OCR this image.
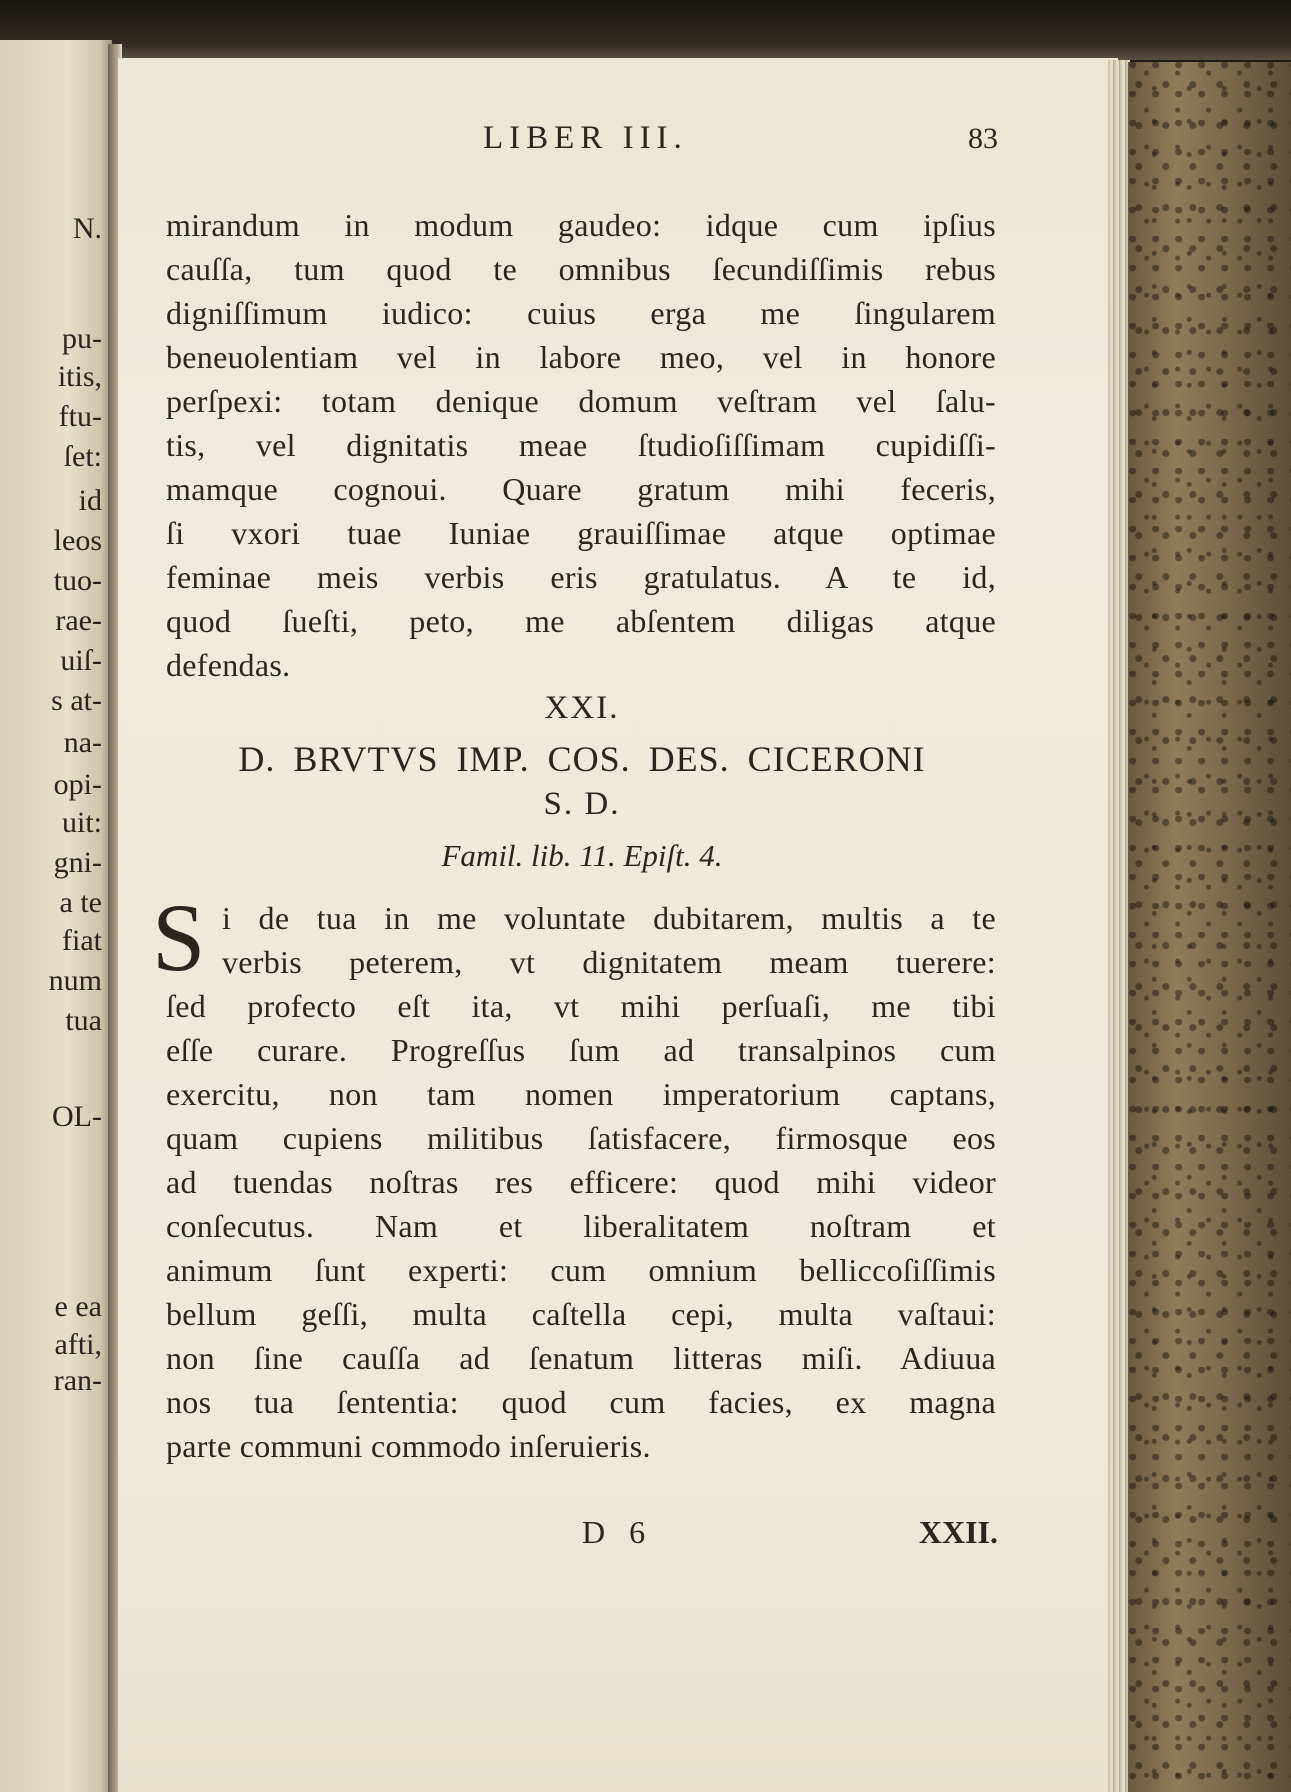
N.
pu-
itis,
ftu-
ſet:
id
leos
tuo-
rae-
uiſ-
s at-
na-
opi-
uit:
gni-
a te
fiat
num
tua
OL-
e ea
afti,
ran-
LIBER III.	83
mirandum in modum gaudeo: idque cum ipſius
cauſſa, tum quod te omnibus ſecundiſſimis rebus
digniſſimum iudico: cuius erga me ſingularem
beneuolentiam vel in labore meo, vel in honore
perſpexi: totam denique domum veſtram vel ſalu-
tis, vel dignitatis meae ſtudioſiſſimam cupidiſſi-
mamque cognoui. Quare gratum mihi feceris,
ſi vxori tuae Iuniae grauiſſimae atque optimae
feminae meis verbis eris gratulatus. A te id,
quod ſueſti, peto, me abſentem diligas atque
defendas.
XXI.
D. BRVTVS IMP. COS. DES. CICERONI
S. D.
Famil. lib. 11. Epiſt. 4.
S i de tua in me voluntate dubitarem, multis a te
verbis peterem, vt dignitatem meam tuerere:
ſed profecto eſt ita, vt mihi perſuaſi, me tibi
eſſe curare. Progreſſus ſum ad transalpinos cum
exercitu, non tam nomen imperatorium captans,
quam cupiens militibus ſatisfacere, firmosque eos
ad tuendas noſtras res efficere: quod mihi videor
conſecutus. Nam et liberalitatem noſtram et
animum ſunt experti: cum omnium belliccoſiſſimis
bellum geſſi, multa caſtella cepi, multa vaſtaui:
non ſine cauſſa ad ſenatum litteras miſi. Adiuua
nos tua ſententia: quod cum facies, ex magna
parte communi commodo inſeruieris.
D 6	XXII.
